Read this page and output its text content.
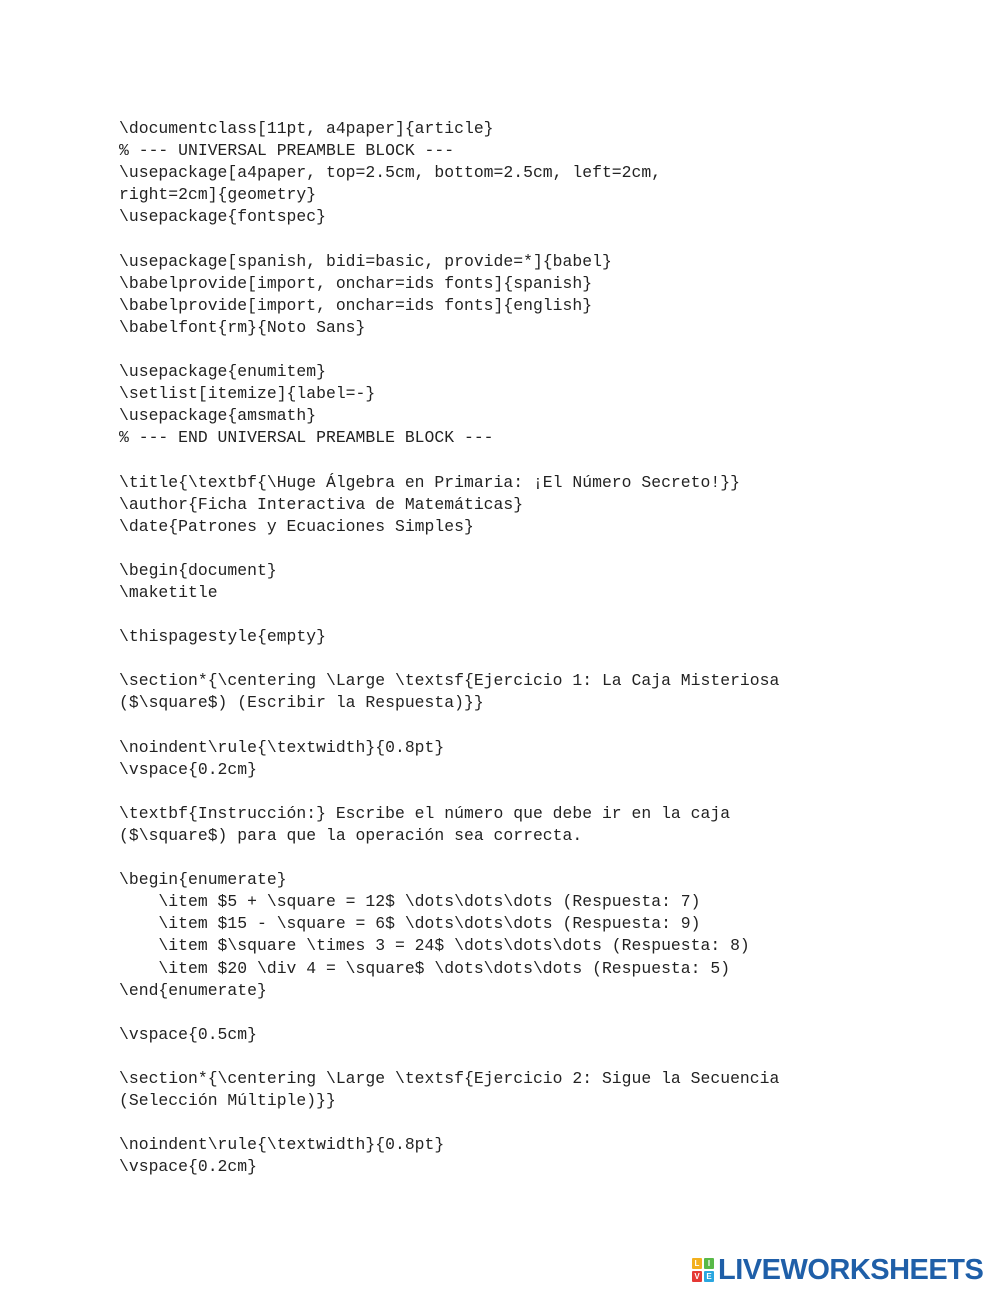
\documentclass[11pt, a4paper]{article}
% --- UNIVERSAL PREAMBLE BLOCK ---
\usepackage[a4paper, top=2.5cm, bottom=2.5cm, left=2cm,
right=2cm]{geometry}
\usepackage{fontspec}
\usepackage[spanish, bidi=basic, provide=*]{babel}
\babelprovide[import, onchar=ids fonts]{spanish}
\babelprovide[import, onchar=ids fonts]{english}
\babelfont{rm}{Noto Sans}
\usepackage{enumitem}
\setlist[itemize]{label=-}
\usepackage{amsmath}
% --- END UNIVERSAL PREAMBLE BLOCK ---
\title{\textbf{\Huge Álgebra en Primaria: ¡El Número Secreto!}}
\author{Ficha Interactiva de Matemáticas}
\date{Patrones y Ecuaciones Simples}
\begin{document}
\maketitle
\thispagestyle{empty}
\section*{\centering \Large \textsf{Ejercicio 1: La Caja Misteriosa
($\square$) (Escribir la Respuesta)}}
\noindent\rule{\textwidth}{0.8pt}
\vspace{0.2cm}
\textbf{Instrucción:} Escribe el número que debe ir en la caja
($\square$) para que la operación sea correcta.
\begin{enumerate}
\item $5 + \square = 12$ \dots\dots\dots (Respuesta: 7)
\item $15 - \square = 6$ \dots\dots\dots (Respuesta: 9)
\item $\square \times 3 = 24$ \dots\dots\dots (Respuesta: 8)
\item $20 \div 4 = \square$ \dots\dots\dots (Respuesta: 5)
\end{enumerate}
\vspace{0.5cm}
\section*{\centering \Large \textsf{Ejercicio 2: Sigue la Secuencia
(Selección Múltiple)}}
\noindent\rule{\textwidth}{0.8pt}
\vspace{0.2cm}
L	I
V E LIVEWORKSHEETS
